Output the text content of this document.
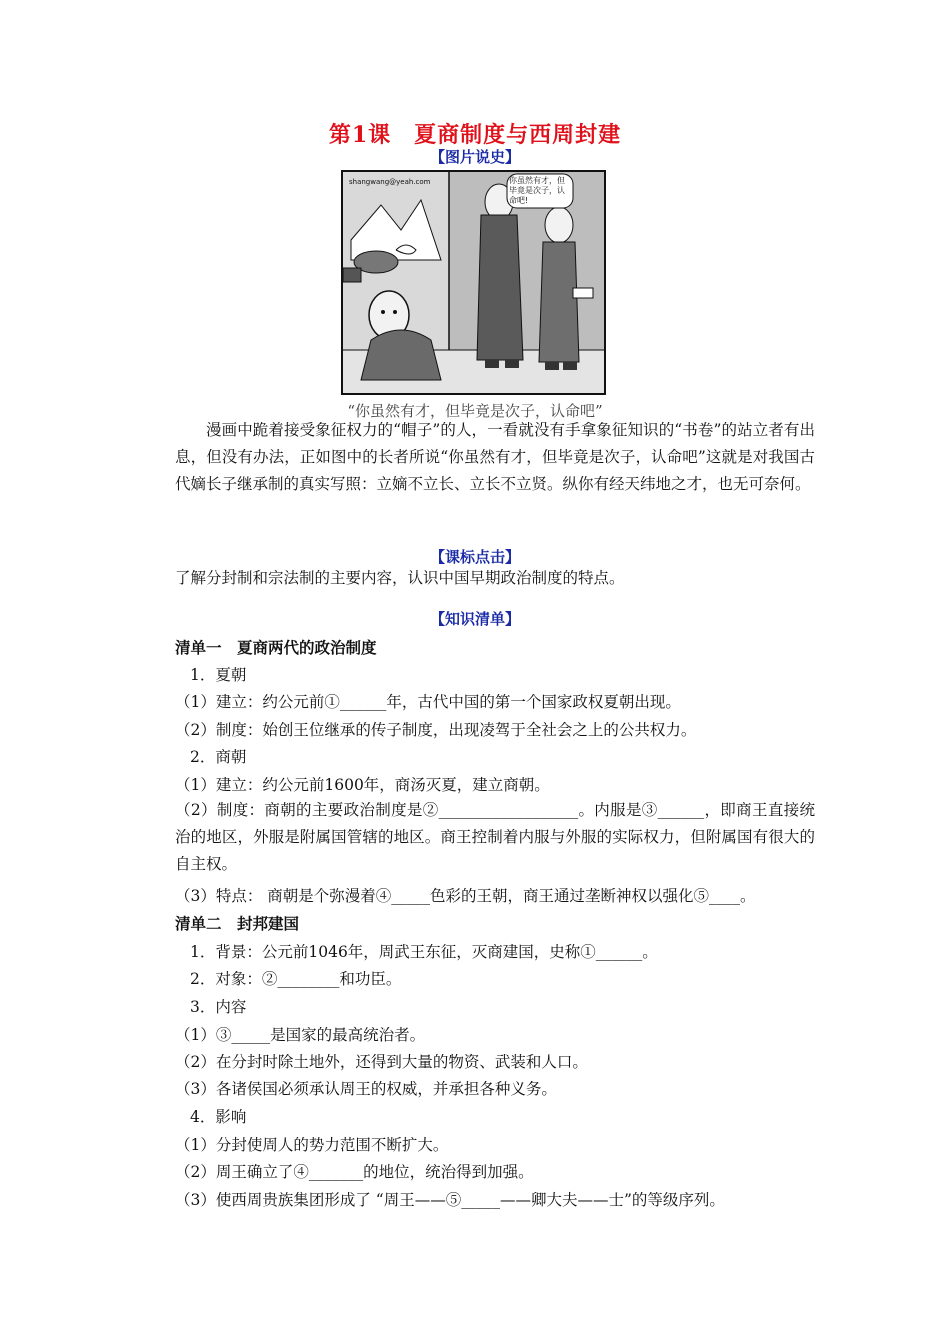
第1课　夏商制度与西周封建
【图片说史】
shangwang@yeah.com	你虽然有才，但毕竟是次子，认命吧!
“你虽然有才，但毕竟是次子，认命吧”

漫画中跪着接受象征权力的“帽子”的人，一看就没有手拿象征知识的“书卷”的站立者有出息，但没有办法，正如图中的长者所说“你虽然有才，但毕竟是次子，认命吧”这就是对我国古代嫡长子继承制的真实写照：立嫡不立长、立长不立贤。纵你有经天纬地之才，也无可奈何。

【课标点击】
了解分封制和宗法制的主要内容，认识中国早期政治制度的特点。
【知识清单】
清单一　夏商两代的政治制度
1．夏朝
（1）建立：约公元前①______年，古代中国的第一个国家政权夏朝出现。
（2）制度：始创王位继承的传子制度，出现凌驾于全社会之上的公共权力。
2．商朝
（1）建立：约公元前1600年，商汤灭夏，建立商朝。

（2）制度：商朝的主要政治制度是②__________________。内服是③______，即商王直接统治的地区，外服是附属国管辖的地区。商王控制着内服与外服的实际权力，但附属国有很大的自主权。

（3）特点： 商朝是个弥漫着④_____色彩的王朝，商王通过垄断神权以强化⑤____。
清单二　封邦建国
1．背景：公元前1046年，周武王东征，灭商建国，史称①______。
2．对象：②________和功臣。
3．内容
（1）③_____是国家的最高统治者。
（2）在分封时除土地外，还得到大量的物资、武装和人口。
（3）各诸侯国必须承认周王的权威，并承担各种义务。
4．影响
（1）分封使周人的势力范围不断扩大。
（2）周王确立了④_______的地位，统治得到加强。
（3）使西周贵族集团形成了 “周王——⑤_____——卿大夫——士”的等级序列。
